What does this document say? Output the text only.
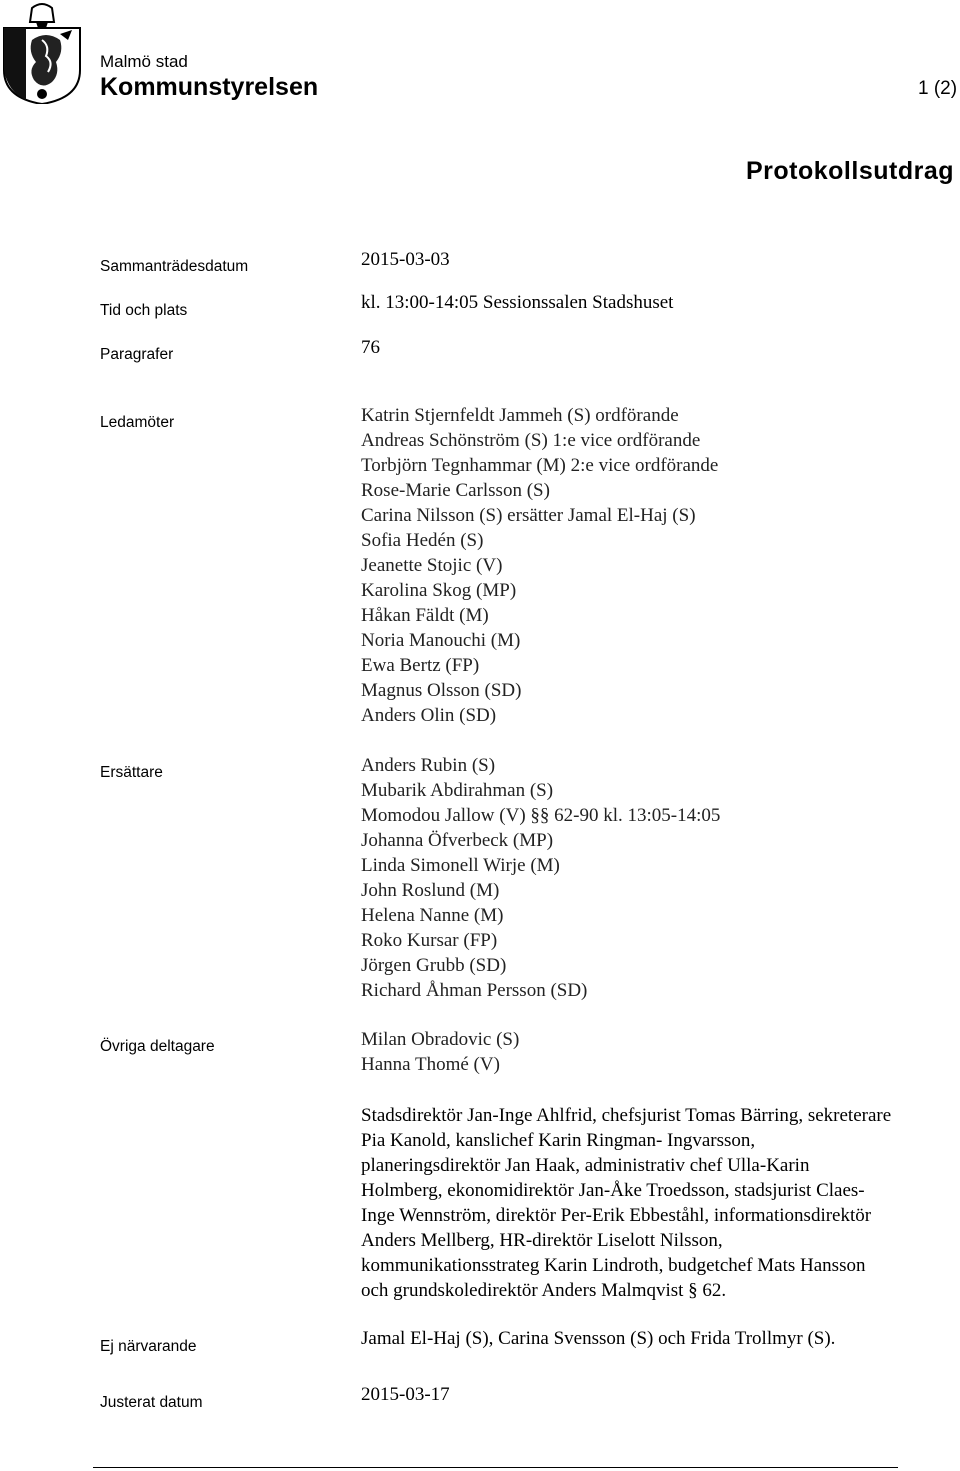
Malmö stad
Kommunstyrelsen	1 (2)
Protokollsutdrag
Sammanträdesdatum	2015-03-03
Tid och plats	kl. 13:00-14:05 Sessionssalen Stadshuset
Paragrafer	76
Ledamöter	Katrin Stjernfeldt Jammeh (S) ordförande
Andreas Schönström (S) 1:e vice ordförande
Torbjörn Tegnhammar (M) 2:e vice ordförande
Rose-Marie Carlsson (S)
Carina Nilsson (S) ersätter Jamal El-Haj (S)
Sofia Hedén (S)
Jeanette Stojic (V)
Karolina Skog (MP)
Håkan Fäldt (M)
Noria Manouchi (M)
Ewa Bertz (FP)
Magnus Olsson (SD)
Anders Olin (SD)
Ersättare	Anders Rubin (S)
Mubarik Abdirahman (S)
Momodou Jallow (V) §§ 62-90 kl. 13:05-14:05
Johanna Öfverbeck (MP)
Linda Simonell Wirje (M)
John Roslund (M)
Helena Nanne (M)
Roko Kursar (FP)
Jörgen Grubb (SD)
Richard Åhman Persson (SD)
Övriga deltagare	Milan Obradovic (S)
Hanna Thomé (V)
Stadsdirektör Jan-Inge Ahlfrid, chefsjurist Tomas Bärring, sekreterare
Pia Kanold, kanslichef Karin Ringman- Ingvarsson,
planeringsdirektör Jan Haak, administrativ chef Ulla-Karin
Holmberg, ekonomidirektör Jan-Åke Troedsson, stadsjurist Claes-
Inge Wennström, direktör Per-Erik Ebbeståhl, informationsdirektör
Anders Mellberg, HR-direktör Liselott Nilsson,
kommunikationsstrateg Karin Lindroth, budgetchef Mats Hansson
och grundskoledirektör Anders Malmqvist § 62.
Ej närvarande	Jamal El-Haj (S), Carina Svensson (S) och Frida Trollmyr (S).
Justerat datum	2015-03-17
